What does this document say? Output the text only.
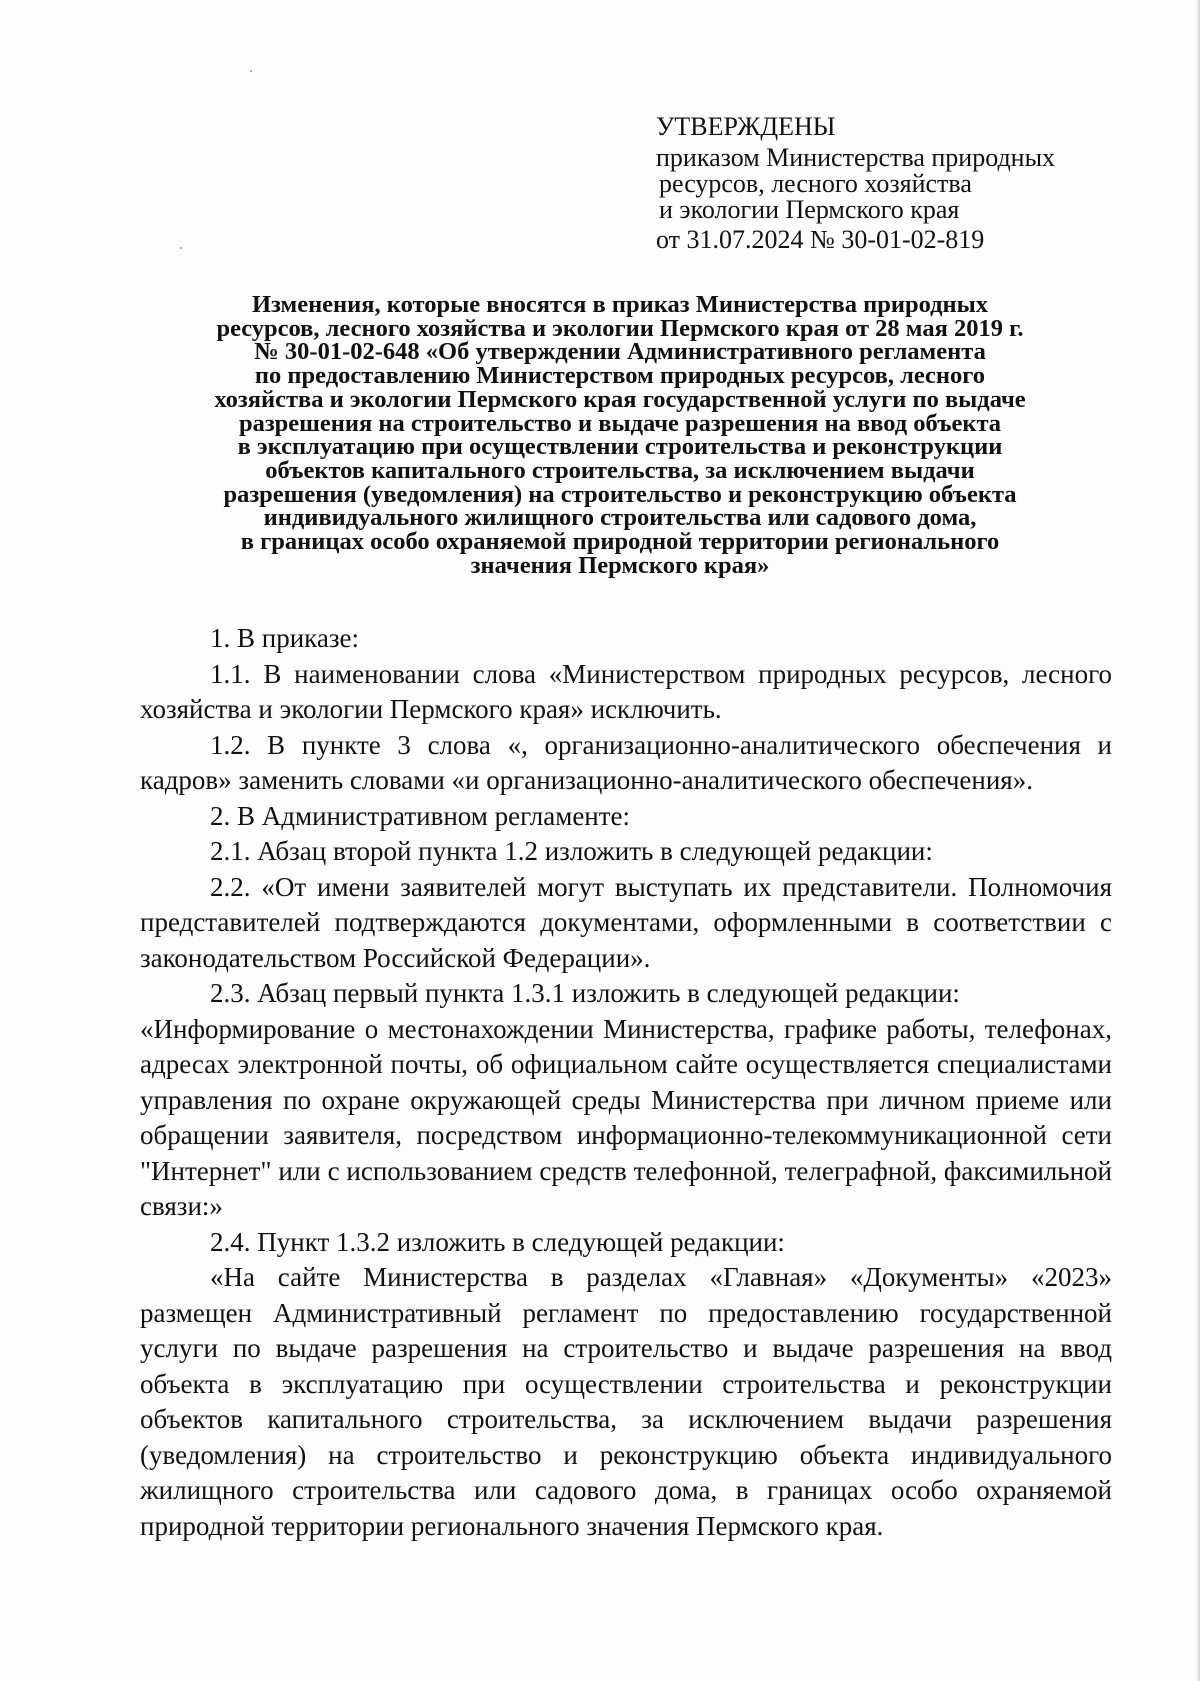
УТВЕРЖДЕНЫ
приказом Министерства природных
ресурсов, лесного хозяйства
и экологии Пермского края
от 31.07.2024 № 30-01-02-819
Изменения, которые вносятся в приказ Министерства природных
ресурсов, лесного хозяйства и экологии Пермского края от 28 мая 2019 г.
№ 30-01-02-648 «Об утверждении Административного регламента
по предоставлению Министерством природных ресурсов, лесного
хозяйства и экологии Пермского края государственной услуги по выдаче
разрешения на строительство и выдаче разрешения на ввод объекта
в эксплуатацию при осуществлении строительства и реконструкции
объектов капитального строительства, за исключением выдачи
разрешения (уведомления) на строительство и реконструкцию объекта
индивидуального жилищного строительства или садового дома,
в границах особо охраняемой природной территории регионального
значения Пермского края»

1. В приказе:

1.1. В наименовании слова «Министерством природных ресурсов, лесного хозяйства и экологии Пермского края» исключить.

1.2. В пункте 3 слова «, организационно-аналитического обеспечения и кадров» заменить словами «и организационно-аналитического обеспечения».

2. В Административном регламенте:

2.1. Абзац второй пункта 1.2 изложить в следующей редакции:

2.2. «От имени заявителей могут выступать их представители. Полномочия представителей подтверждаются документами, оформленными в соответствии с законодательством Российской Федерации».

2.3. Абзац первый пункта 1.3.1 изложить в следующей редакции:

«Информирование о местонахождении Министерства, графике работы, телефонах, адресах электронной почты, об официальном сайте осуществляется специалистами управления по охране окружающей среды Министерства при личном приеме или обращении заявителя, посредством информационно-телекоммуникационной сети "Интернет" или с использованием средств телефонной, телеграфной, факсимильной связи:»

2.4. Пункт 1.3.2 изложить в следующей редакции:

«На сайте Министерства в разделах «Главная» «Документы» «2023» размещен Административный регламент по предоставлению государственной услуги по выдаче разрешения на строительство и выдаче разрешения на ввод объекта в эксплуатацию при осуществлении строительства и реконструкции объектов капитального строительства, за исключением выдачи разрешения (уведомления) на строительство и реконструкцию объекта индивидуального жилищного строительства или садового дома, в границах особо охраняемой природной территории регионального значения Пермского края.
